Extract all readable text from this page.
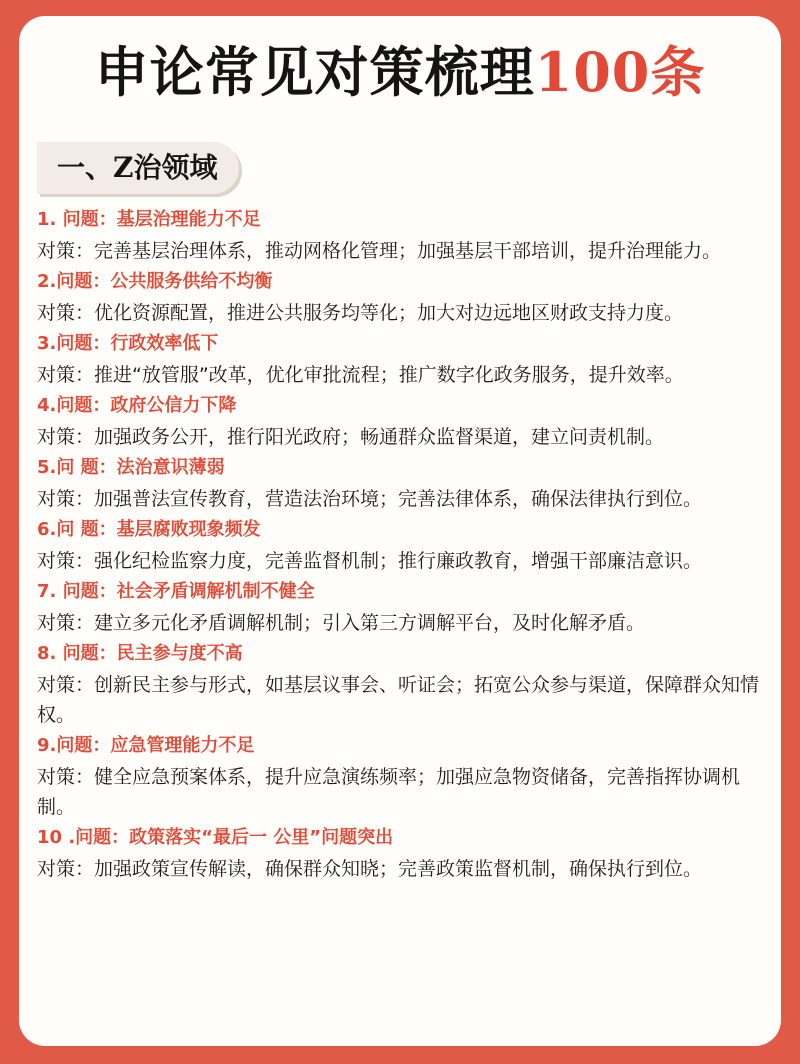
申论常见对策梳理100条
一、Z治领域
1. 问题：基层治理能力不足
对策：完善基层治理体系，推动网格化管理；加强基层干部培训，提升治理能力。
2.问题：公共服务供给不均衡
对策：优化资源配置，推进公共服务均等化；加大对边远地区财政支持力度。
3.问题：行政效率低下
对策：推进“放管服”改革，优化审批流程；推广数字化政务服务，提升效率。
4.问题：政府公信力下降
对策：加强政务公开，推行阳光政府；畅通群众监督渠道，建立问责机制。
5.问 题：法治意识薄弱
对策：加强普法宣传教育，营造法治环境；完善法律体系，确保法律执行到位。
6.问 题：基层腐败现象频发
对策：强化纪检监察力度，完善监督机制；推行廉政教育，增强干部廉洁意识。
7. 问题：社会矛盾调解机制不健全
对策：建立多元化矛盾调解机制；引入第三方调解平台，及时化解矛盾。
8. 问题：民主参与度不高
对策：创新民主参与形式，如基层议事会、听证会；拓宽公众参与渠道，保障群众知情 权。
9.问题：应急管理能力不足
对策：健全应急预案体系，提升应急演练频率；加强应急物资储备，完善指挥协调机制。
10 .问题：政策落实“最后一 公里”问题突出
对策：加强政策宣传解读，确保群众知晓；完善政策监督机制，确保执行到位。
